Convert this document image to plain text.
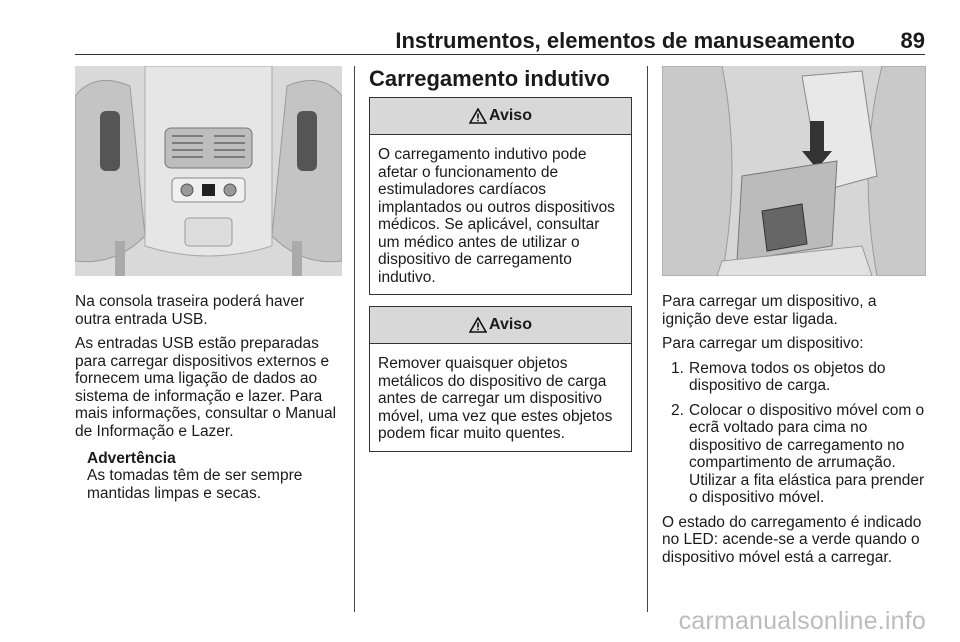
Instrumentos, elementos de manuseamento 89

Na consola traseira poderá haver outra entrada USB.

As entradas USB estão preparadas para carregar dispositivos externos e fornecem uma ligação de dados ao sistema de informação e lazer. Para mais informações, consultar o Manual de Informação e Lazer.

Advertência
As tomadas têm de ser sempre mantidas limpas e secas.
Carregamento indutivo
Aviso
O carregamento indutivo pode afetar o funcionamento de estimuladores cardíacos implantados ou outros dispositivos médicos. Se aplicável, consultar um médico antes de utilizar o dispositivo de carregamento indutivo.
Aviso
Remover quaisquer objetos metálicos do dispositivo de carga antes de carregar um dispositivo móvel, uma vez que estes objetos podem ficar muito quentes.

Para carregar um dispositivo, a ignição deve estar ligada.

Para carregar um dispositivo:

1. Remova todos os objetos do dispositivo de carga.
2. Colocar o dispositivo móvel com o ecrã voltado para cima no dispositivo de carregamento no compartimento de arrumação. Utilizar a fita elástica para prender o dispositivo móvel.

O estado do carregamento é indicado no LED: acende-se a verde quando o dispositivo móvel está a carregar.

carmanualsonline.info
